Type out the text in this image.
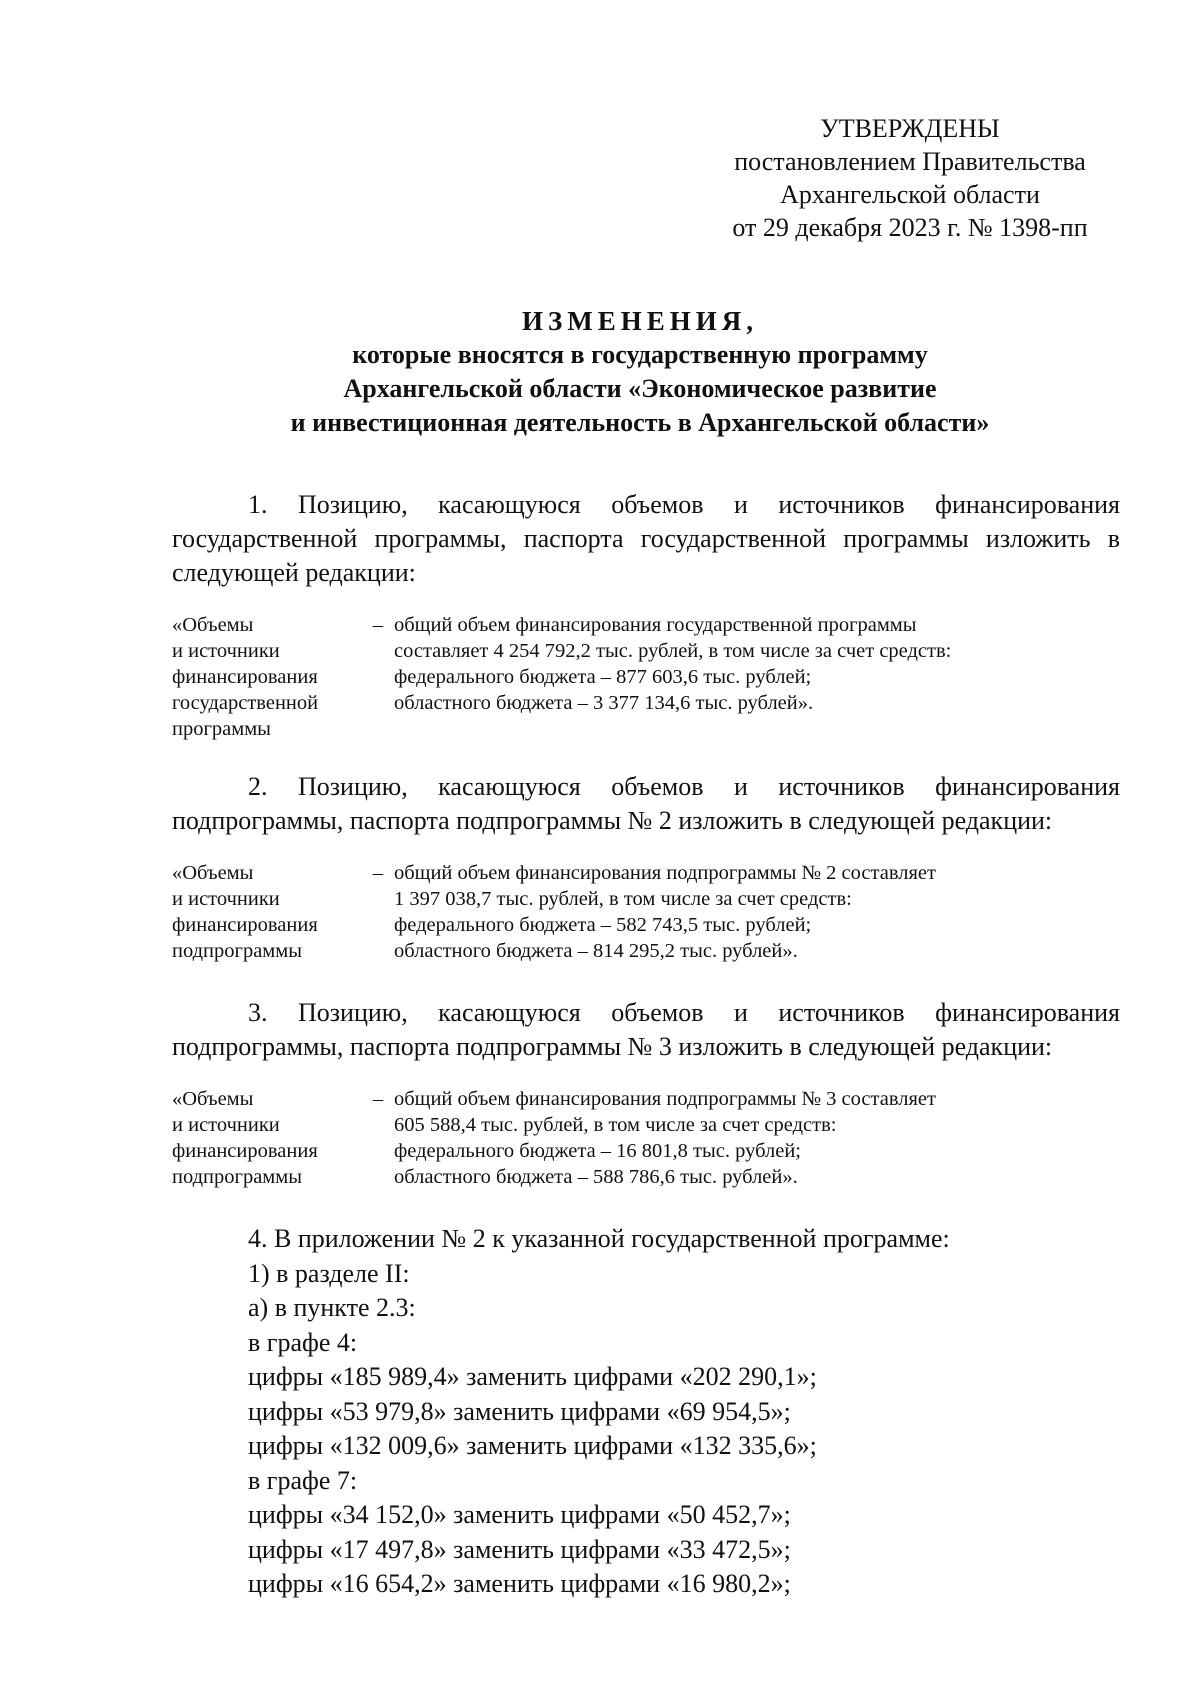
УТВЕРЖДЕНЫ
постановлением Правительства
Архангельской области
от 29 декабря 2023 г. № 1398-пп
ИЗМЕНЕНИЯ,
которые вносятся в государственную программу
Архангельской области «Экономическое развитие
и инвестиционная деятельность в Архангельской области»
1. Позицию, касающуюся объемов и источников финансирования государственной программы, паспорта государственной программы изложить в следующей редакции:
«Объемы
и источники
финансирования
государственной
программы
– общий объем финансирования государственной программы
составляет 4 254 792,2 тыс. рублей, в том числе за счет средств:
федерального бюджета – 877 603,6 тыс. рублей;
областного бюджета – 3 377 134,6 тыс. рублей».
2. Позицию, касающуюся объемов и источников финансирования подпрограммы, паспорта подпрограммы № 2 изложить в следующей редакции:
«Объемы
и источники
финансирования
подпрограммы
– общий объем финансирования подпрограммы № 2 составляет
1 397 038,7 тыс. рублей, в том числе за счет средств:
федерального бюджета – 582 743,5 тыс. рублей;
областного бюджета – 814 295,2 тыс. рублей».
3. Позицию, касающуюся объемов и источников финансирования подпрограммы, паспорта подпрограммы № 3 изложить в следующей редакции:
«Объемы
и источники
финансирования
подпрограммы
– общий объем финансирования подпрограммы № 3 составляет
605 588,4 тыс. рублей, в том числе за счет средств:
федерального бюджета – 16 801,8 тыс. рублей;
областного бюджета – 588 786,6 тыс. рублей».
4. В приложении № 2 к указанной государственной программе:
1) в разделе II:
а) в пункте 2.3:
в графе 4:
цифры «185 989,4» заменить цифрами «202 290,1»;
цифры «53 979,8» заменить цифрами «69 954,5»;
цифры «132 009,6» заменить цифрами «132 335,6»;
в графе 7:
цифры «34 152,0» заменить цифрами «50 452,7»;
цифры «17 497,8» заменить цифрами «33 472,5»;
цифры «16 654,2» заменить цифрами «16 980,2»;
